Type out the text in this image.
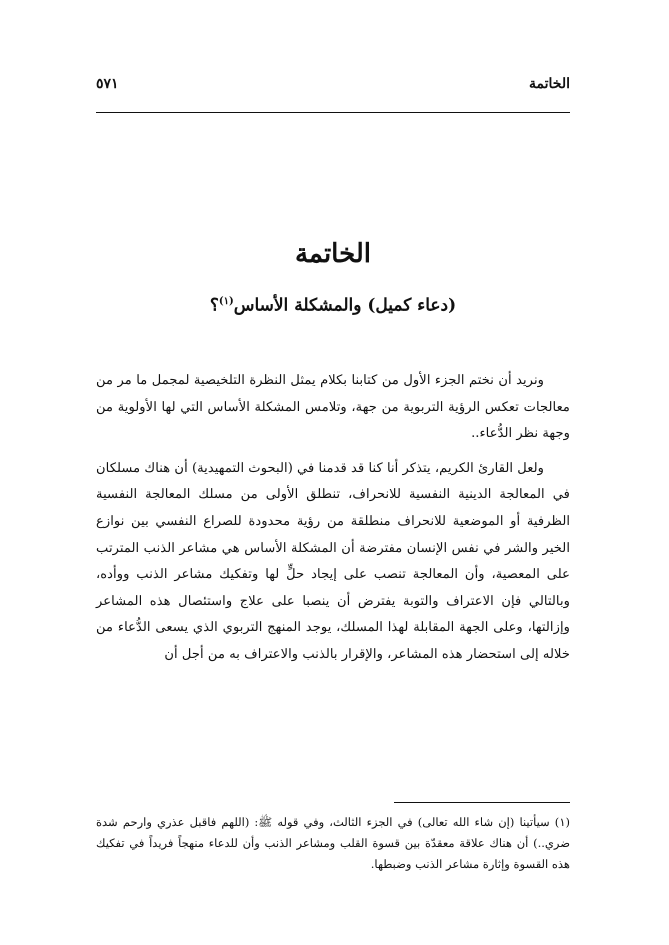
الخاتمة
٥٧١
الخاتمة
(دعاء كميل) والمشكلة الأساس$^{(١)}$؟

ونريد أن نختم الجزء الأول من كتابنا بكلام يمثل النظرة التلخيصية لمجمل ما مر من معالجات تعكس الرؤية التربوية من جهة، وتلامس المشكلة الأساس التي لها الأولوية من وجهة نظر الدُّعاء..

ولعل القارئ الكريم، يتذكر أنا كنا قد قدمنا في (البحوث التمهيدية) أن هناك مسلكان في المعالجة الدينية النفسية للانحراف، تنطلق الأولى من مسلك المعالجة النفسية الظرفية أو الموضعية للانحراف منطلقة من رؤية محدودة للصراع النفسي بين نوازع الخير والشر في نفس الإنسان مفترضة أن المشكلة الأساس هي مشاعر الذنب المترتب على المعصية، وأن المعالجة تنصب على إيجاد حلٍّ لها وتفكيك مشاعر الذنب ووأده، وبالتالي فإن الاعتراف والتوبة يفترض أن ينصبا على علاج واستئصال هذه المشاعر وإزالتها، وعلى الجهة المقابلة لهذا المسلك، يوجد المنهج التربوي الذي يسعى الدُّعاء من خلاله إلى استحضار هذه المشاعر، والإقرار بالذنب والاعتراف به من أجل أن

(١) سيأتينا (إن شاء الله تعالى) في الجزء الثالث، وفي قوله ﷺ: (اللهم فاقبل عذري وارحم شدة ضري..) أن هناك علاقة معقدّة بين قسوة القلب ومشاعر الذنب وأن للدعاء منهجاً فريداً في تفكيك هذه القسوة وإثارة مشاعر الذنب وضبطها.
